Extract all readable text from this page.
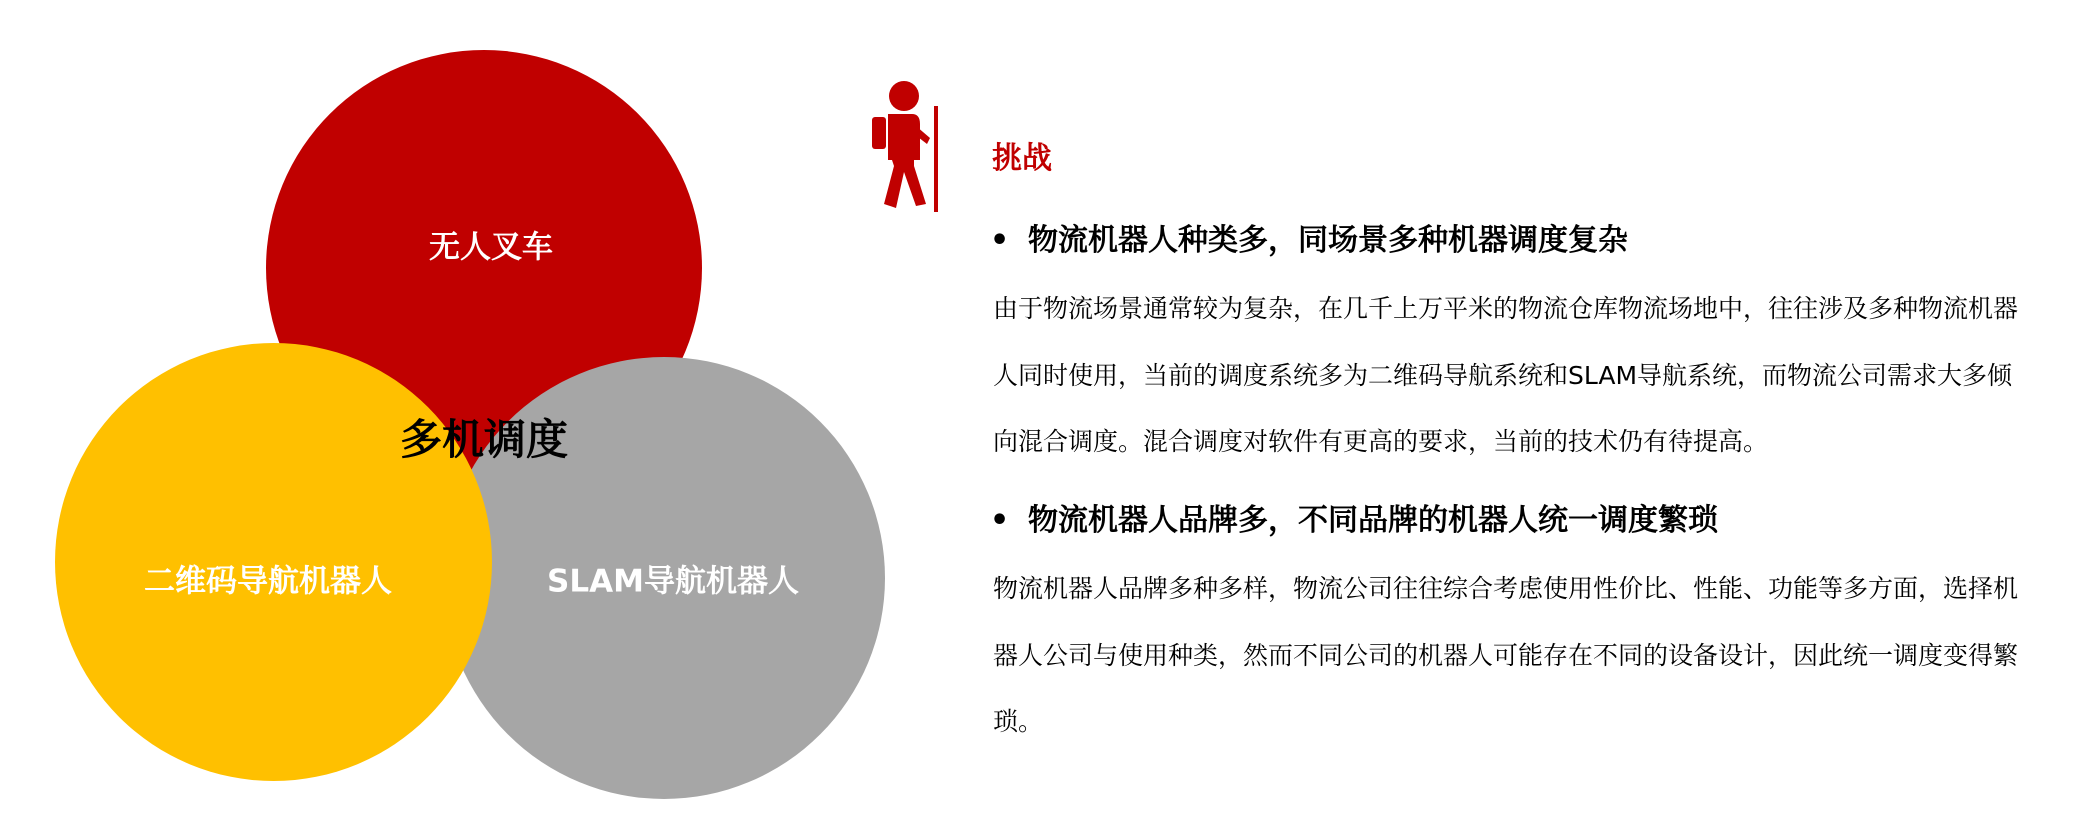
无人叉车
二维码导航机器人	SLAM导航机器人
多机调度
挑战
• 物流机器人种类多，同场景多种机器调度复杂
由于物流场景通常较为复杂，在几千上万平米的物流仓库物流场地中，往往涉及多种物流机器
人同时使用，当前的调度系统多为二维码导航系统和SLAM导航系统，而物流公司需求大多倾
向混合调度。混合调度对软件有更高的要求，当前的技术仍有待提高。
• 物流机器人品牌多，不同品牌的机器人统一调度繁琐
物流机器人品牌多种多样，物流公司往往综合考虑使用性价比、性能、功能等多方面，选择机
器人公司与使用种类，然而不同公司的机器人可能存在不同的设备设计，因此统一调度变得繁
琐。
